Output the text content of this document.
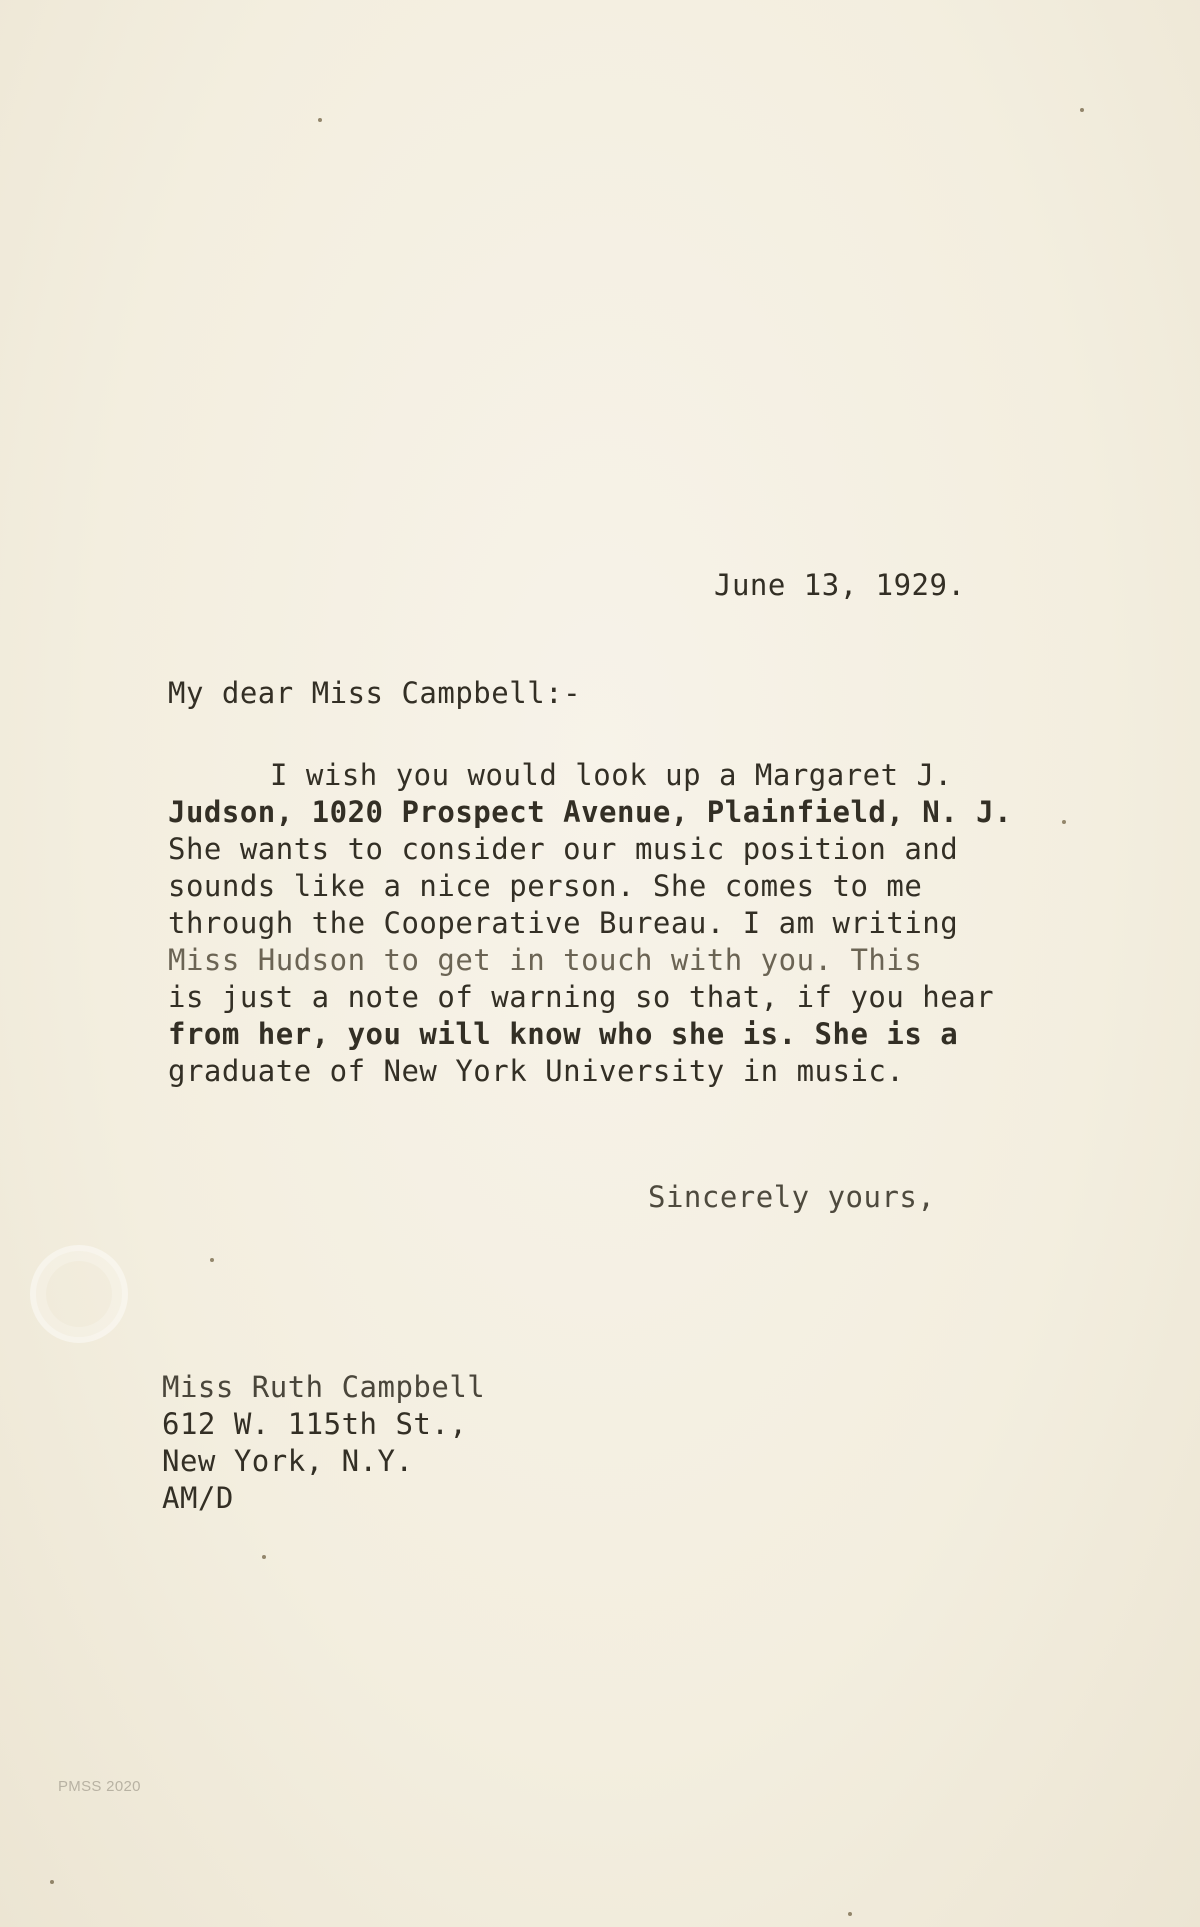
June 13, 1929.
My dear Miss Campbell:-
I wish you would look up a Margaret J.
Judson, 1020 Prospect Avenue, Plainfield, N. J.
She wants to consider our music position and
sounds like a nice person. She comes to me
through the Cooperative Bureau. I am writing
Miss Hudson to get in touch with you. This
is just a note of warning so that, if you hear
from her, you will know who she is. She is a
graduate of New York University in music.
Sincerely yours,
Miss Ruth Campbell
612 W. 115th St.,
New York, N.Y.
AM/D
PMSS 2020
